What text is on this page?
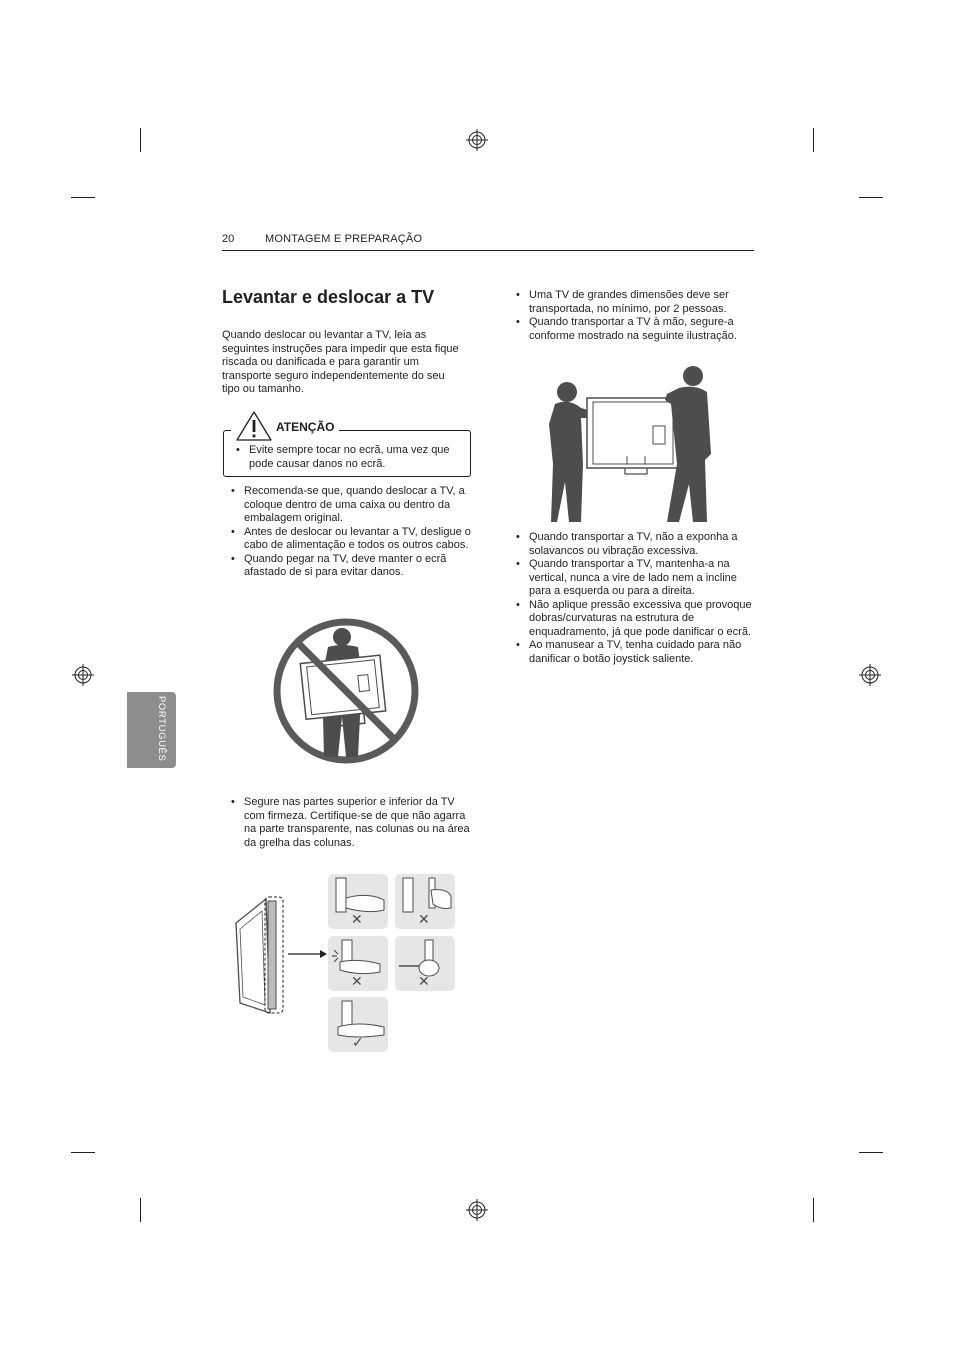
20	MONTAGEM E PREPARAÇÃO
PORTUGUÊS
Levantar e deslocar a TV
Quando deslocar ou levantar a TV, leia as seguintes instruções para impedir que esta fique riscada ou danificada e para garantir um transporte seguro independentemente do seu tipo ou tamanho.
ATENÇÃO
• Evite sempre tocar no ecrã, uma vez que pode causar danos no ecrã.
• Recomenda-se que, quando deslocar a TV, a coloque dentro de uma caixa ou dentro da embalagem original.
• Antes de deslocar ou levantar a TV, desligue o cabo de alimentação e todos os outros cabos.
• Quando pegar na TV, deve manter o ecrã afastado de si para evitar danos.
• Segure nas partes superior e inferior da TV com firmeza. Certifique-se de que não agarra na parte transparente, nas colunas ou na área da grelha das colunas.
✕	✕
✕	✕
✓
• Uma TV de grandes dimensões deve ser transportada, no mínimo, por 2 pessoas.
• Quando transportar a TV à mão, segure-a conforme mostrado na seguinte ilustração.
• Quando transportar a TV, não a exponha a solavancos ou vibração excessiva.
• Quando transportar a TV, mantenha-a na vertical, nunca a vire de lado nem a incline para a esquerda ou para a direita.
• Não aplique pressão excessiva que provoque dobras/curvaturas na estrutura de enquadramento, já que pode danificar o ecrã.
• Ao manusear a TV, tenha cuidado para não danificar o botão joystick saliente.
